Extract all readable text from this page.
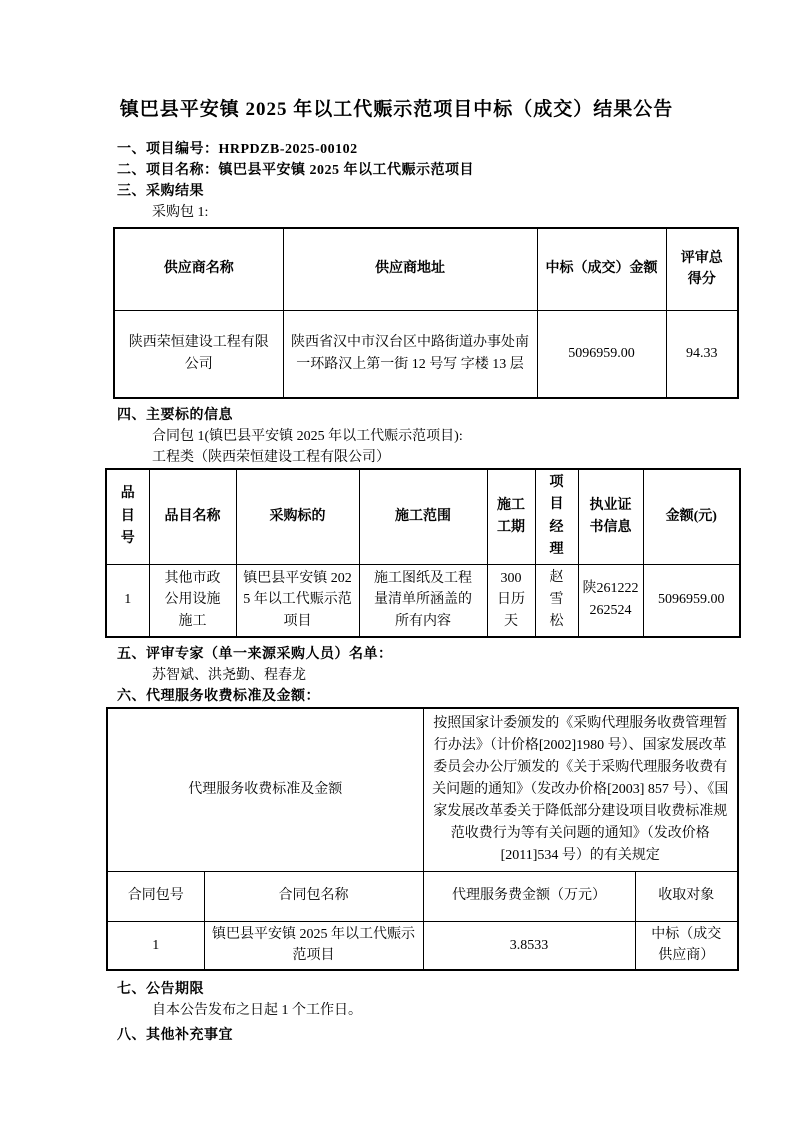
镇巴县平安镇 2025 年以工代赈示范项目中标（成交）结果公告
一、项目编号：HRPDZB-2025-00102
二、项目名称：镇巴县平安镇 2025 年以工代赈示范项目
三、采购结果
采购包 1:
供应商名称	供应商地址	中标（成交）金额	评审总得分
陕西荣恒建设工程有限公司	陕西省汉中市汉台区中路街道办事处南一环路汉上第一街 12 号写 字楼 13 层	5096959.00	94.33
四、主要标的信息
合同包 1(镇巴县平安镇 2025 年以工代赈示范项目):
工程类（陕西荣恒建设工程有限公司）
品目号	品目名称	采购标的	施工范围	施工工期	项目经理	执业证书信息	金额(元)
1	其他市政公用设施施工	镇巴县平安镇 2025 年以工代赈示范项目	施工图纸及工程量清单所涵盖的所有内容	300 日历天	赵雪松	陕261222262524	5096959.00
五、评审专家（单一来源采购人员）名单：
苏智斌、洪尧勤、程春龙
六、代理服务收费标准及金额：
代理服务收费标准及金额		按照国家计委颁发的《采购代理服务收费管理暂行办法》（计价格[2002]1980 号）、国家发展改革委员会办公厅颁发的《关于采购代理服务收费有关问题的通知》（发改办价格[2003] 857 号）、《国家发展改革委关于降低部分建设项目收费标准规范收费行为等有关问题的通知》（发改价格[2011]534 号）的有关规定	
合同包号	合同包名称	代理服务费金额（万元）	收取对象
1	镇巴县平安镇 2025 年以工代赈示范项目	3.8533	中标（成交供应商）
七、公告期限
自本公告发布之日起 1 个工作日。
八、其他补充事宜
